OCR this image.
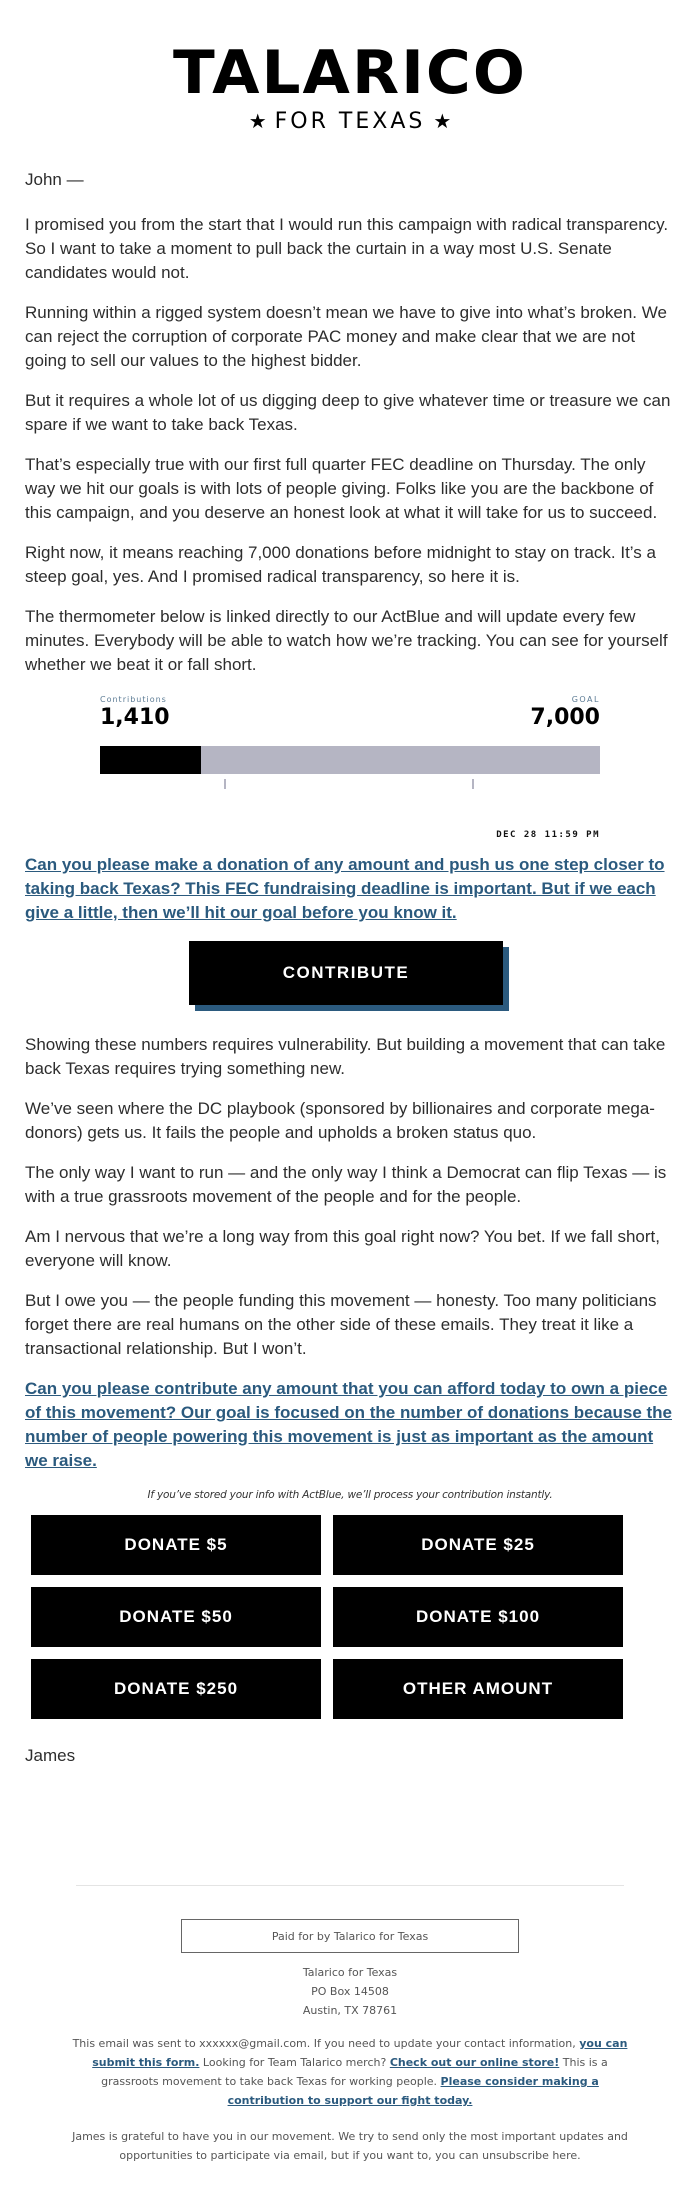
TALARICO
★ FOR TEXAS ★

John —

I promised you from the start that I would run this campaign with radical transparency. So I want to take a moment to pull back the curtain in a way most U.S. Senate candidates would not.

Running within a rigged system doesn’t mean we have to give into what’s broken. We can reject the corruption of corporate PAC money and make clear that we are not going to sell our values to the highest bidder.

But it requires a whole lot of us digging deep to give whatever time or treasure we can spare if we want to take back Texas.

That’s especially true with our first full quarter FEC deadline on Thursday. The only way we hit our goals is with lots of people giving. Folks like you are the backbone of this campaign, and you deserve an honest look at what it will take for us to succeed.

Right now, it means reaching 7,000 donations before midnight to stay on track. It’s a steep goal, yes. And I promised radical transparency, so here it is.

The thermometer below is linked directly to our ActBlue and will update every few minutes. Everybody will be able to watch how we’re tracking. You can see for yourself whether we beat it or fall short.

Contributions
1,410
GOAL
7,000
DEC 28 11:59 PM
Can you please make a donation of any amount and push us one step closer to taking back Texas? This FEC fundraising deadline is important. But if we each give a little, then we’ll hit our goal before you know it.
CONTRIBUTE

Showing these numbers requires vulnerability. But building a movement that can take back Texas requires trying something new.

We’ve seen where the DC playbook (sponsored by billionaires and corporate mega-donors) gets us. It fails the people and upholds a broken status quo.

The only way I want to run — and the only way I think a Democrat can flip Texas — is with a true grassroots movement of the people and for the people.

Am I nervous that we’re a long way from this goal right now? You bet. If we fall short, everyone will know.

But I owe you — the people funding this movement — honesty. Too many politicians forget there are real humans on the other side of these emails. They treat it like a transactional relationship. But I won’t.

Can you please contribute any amount that you can afford today to own a piece of this movement? Our goal is focused on the number of donations because the number of people powering this movement is just as important as the amount we raise.
If you’ve stored your info with ActBlue, we’ll process your contribution instantly.
DONATE $5	DONATE $25
DONATE $50	DONATE $100
DONATE $250	OTHER AMOUNT

James

Paid for by Talarico for Texas
Talarico for Texas
PO Box 14508
Austin, TX 78761

This email was sent to xxxxxx@gmail.com. If you need to update your contact information, you can submit this form. Looking for Team Talarico merch? Check out our online store! This is a grassroots movement to take back Texas for working people. Please consider making a contribution to support our fight today.

James is grateful to have you in our movement. We try to send only the most important updates and opportunities to participate via email, but if you want to, you can unsubscribe here.
